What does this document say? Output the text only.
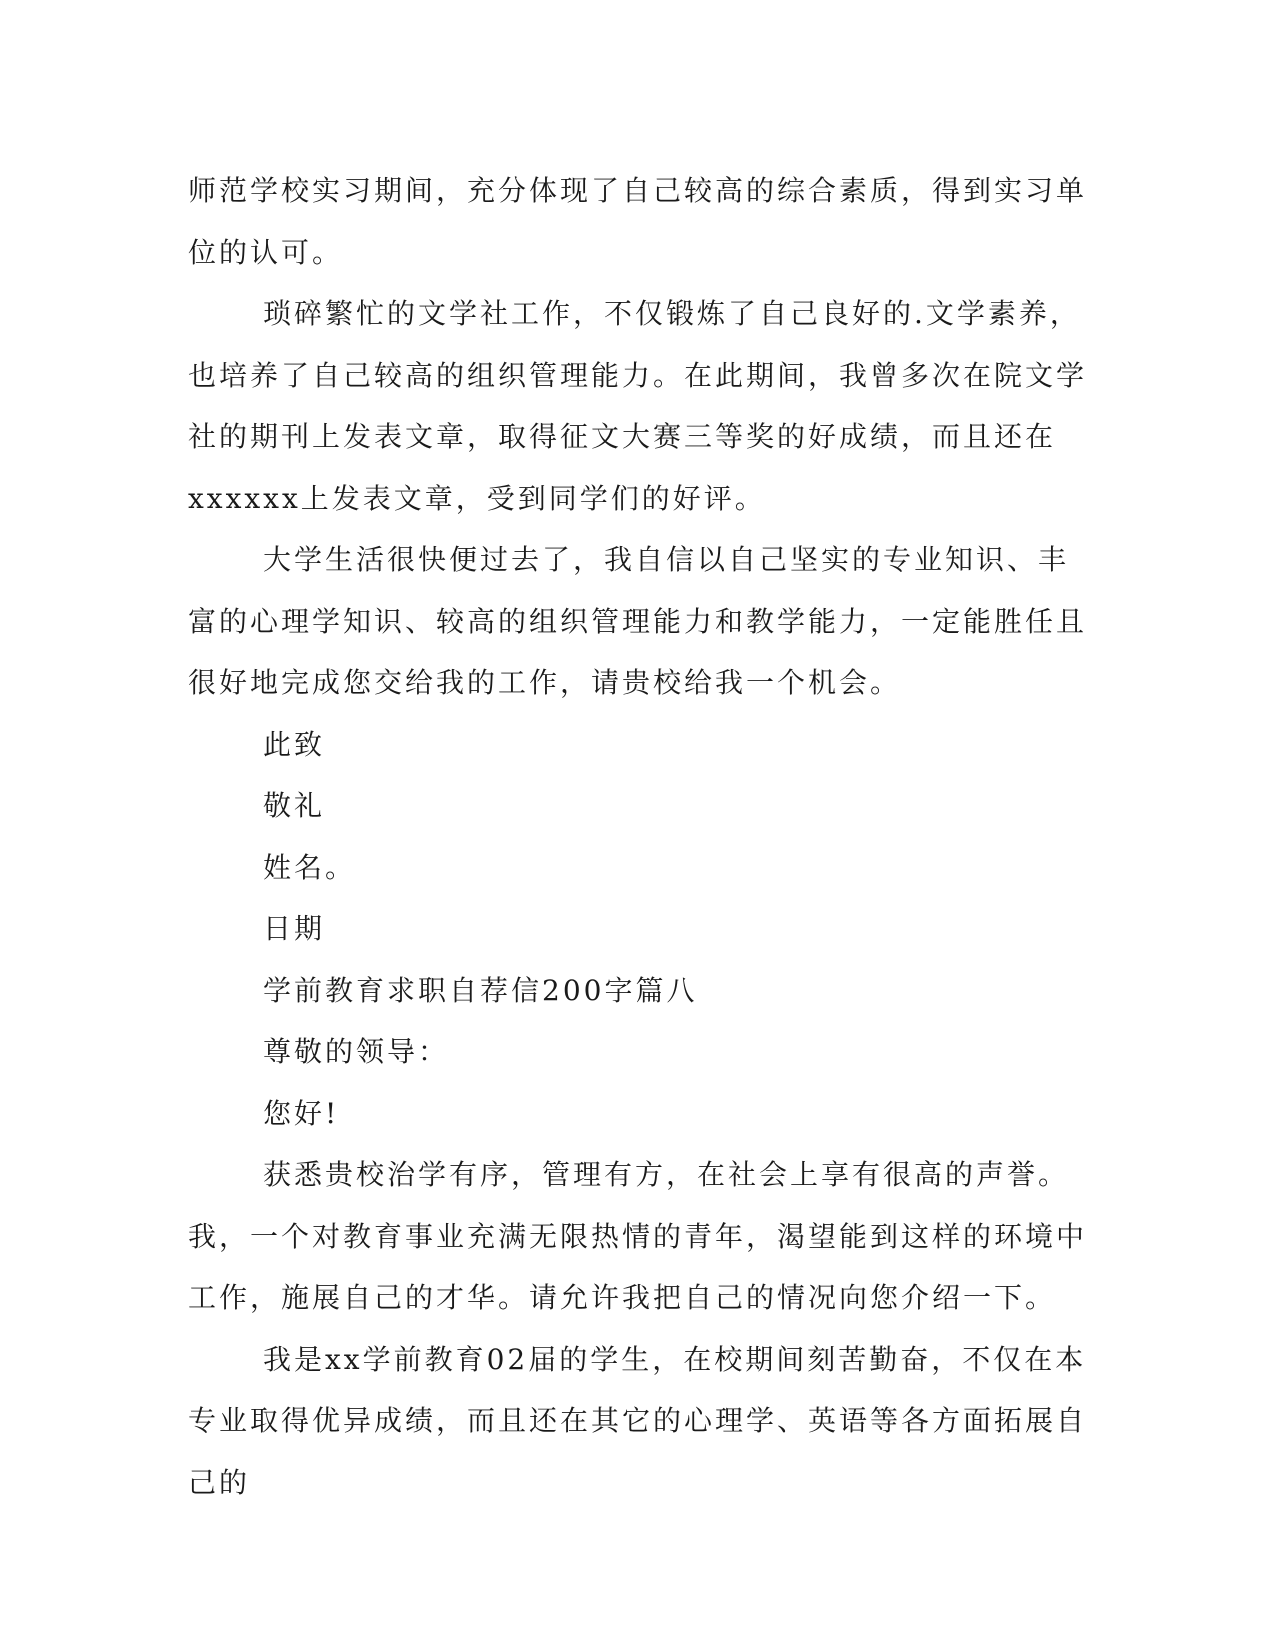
师范学校实习期间，充分体现了自己较高的综合素质，得到实习单位的认可。

琐碎繁忙的文学社工作，不仅锻炼了自己良好的.文学素养，也培养了自己较高的组织管理能力。在此期间，我曾多次在院文学社的期刊上发表文章，取得征文大赛三等奖的好成绩，而且还在xxxxxx上发表文章，受到同学们的好评。

大学生活很快便过去了，我自信以自己坚实的专业知识、丰富的心理学知识、较高的组织管理能力和教学能力，一定能胜任且很好地完成您交给我的工作，请贵校给我一个机会。

此致

敬礼

姓名。

日期

学前教育求职自荐信200字篇八

尊敬的领导：

您好!

获悉贵校治学有序，管理有方，在社会上享有很高的声誉。我，一个对教育事业充满无限热情的青年，渴望能到这样的环境中工作，施展自己的才华。请允许我把自己的情况向您介绍一下。

我是xx学前教育02届的学生，在校期间刻苦勤奋，不仅在本专业取得优异成绩，而且还在其它的心理学、英语等各方面拓展自己的
